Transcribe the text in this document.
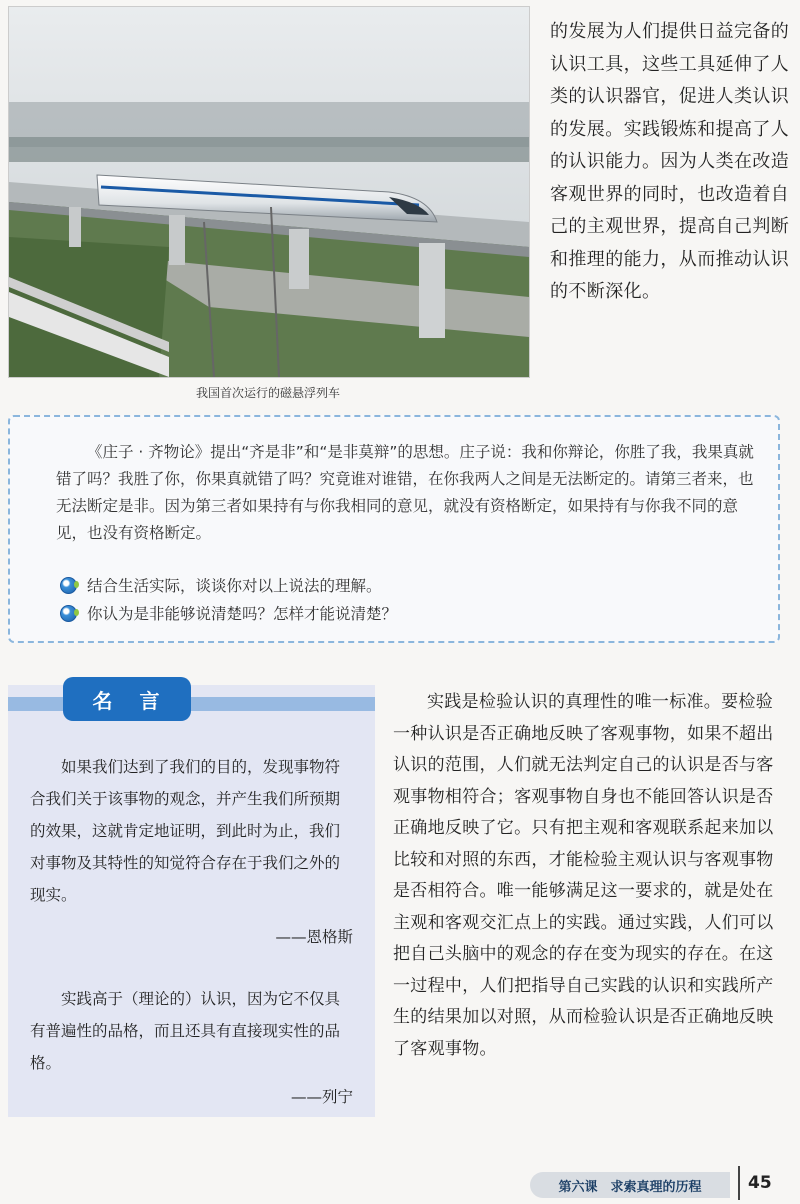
我国首次运行的磁悬浮列车

的发展为人们提供日益完备的认识工具，这些工具延伸了人类的认识器官，促进人类认识的发展。实践锻炼和提高了人的认识能力。因为人类在改造客观世界的同时，也改造着自己的主观世界，提高自己判断和推理的能力，从而推动认识的不断深化。

《庄子 · 齐物论》提出“齐是非”和“是非莫辩”的思想。庄子说：我和你辩论，你胜了我，我果真就错了吗？我胜了你，你果真就错了吗？究竟谁对谁错，在你我两人之间是无法断定的。请第三者来，也无法断定是非。因为第三者如果持有与你我相同的意见，就没有资格断定，如果持有与你我不同的意见，也没有资格断定。

结合生活实际，谈谈你对以上说法的理解。
你认为是非能够说清楚吗？怎样才能说清楚？
名 言

如果我们达到了我们的目的，发现事物符合我们关于该事物的观念，并产生我们所预期的效果，这就肯定地证明，到此时为止，我们对事物及其特性的知觉符合存在于我们之外的现实。

——恩格斯

实践高于（理论的）认识，因为它不仅具有普遍性的品格，而且还具有直接现实性的品格。

——列宁

实践是检验认识的真理性的唯一标准。要检验一种认识是否正确地反映了客观事物，如果不超出认识的范围，人们就无法判定自己的认识是否与客观事物相符合；客观事物自身也不能回答认识是否正确地反映了它。只有把主观和客观联系起来加以比较和对照的东西，才能检验主观认识与客观事物是否相符合。唯一能够满足这一要求的，就是处在主观和客观交汇点上的实践。通过实践，人们可以把自己头脑中的观念的存在变为现实的存在。在这一过程中，人们把指导自己实践的认识和实践所产生的结果加以对照，从而检验认识是否正确地反映了客观事物。

第六课　求索真理的历程	45
